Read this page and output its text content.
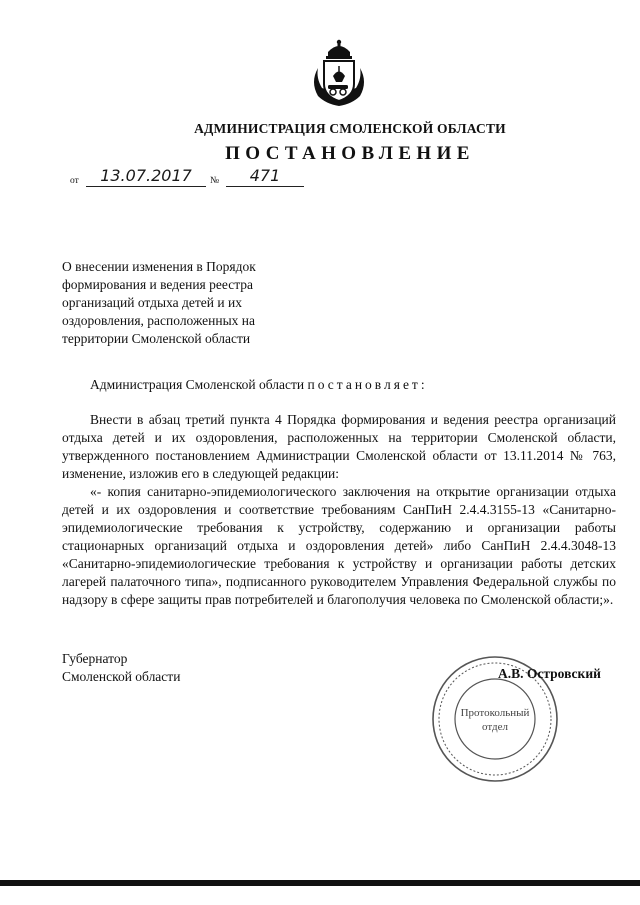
АДМИНИСТРАЦИЯ СМОЛЕНСКОЙ ОБЛАСТИ
ПОСТАНОВЛЕНИЕ
от	13.07.2017	№	471
О внесении изменения в Порядок
формирования и ведения реестра
организаций отдыха детей и их
оздоровления, расположенных на
территории Смоленской области

Администрация Смоленской области постановляет:

Внести в абзац третий пункта 4 Порядка формирования и ведения реестра организаций отдыха детей и их оздоровления, расположенных на территории Смоленской области, утвержденного постановлением Администрации Смоленской области от 13.11.2014 № 763, изменение, изложив его в следующей редакции:

«- копия санитарно-эпидемиологического заключения на открытие организации отдыха детей и их оздоровления и соответствие требованиям СанПиН 2.4.4.3155-13 «Санитарно-эпидемиологические требования к устройству, содержанию и организации работы стационарных организаций отдыха и оздоровления детей» либо СанПиН 2.4.4.3048-13 «Санитарно-эпидемиологические требования к устройству и организации работы детских лагерей палаточного типа», подписанного руководителем Управления Федеральной службы по надзору в сфере защиты прав потребителей и благополучия человека по Смоленской области;».

Губернатор
Смоленской области
Протокольный
отдел
А.В. Островский
